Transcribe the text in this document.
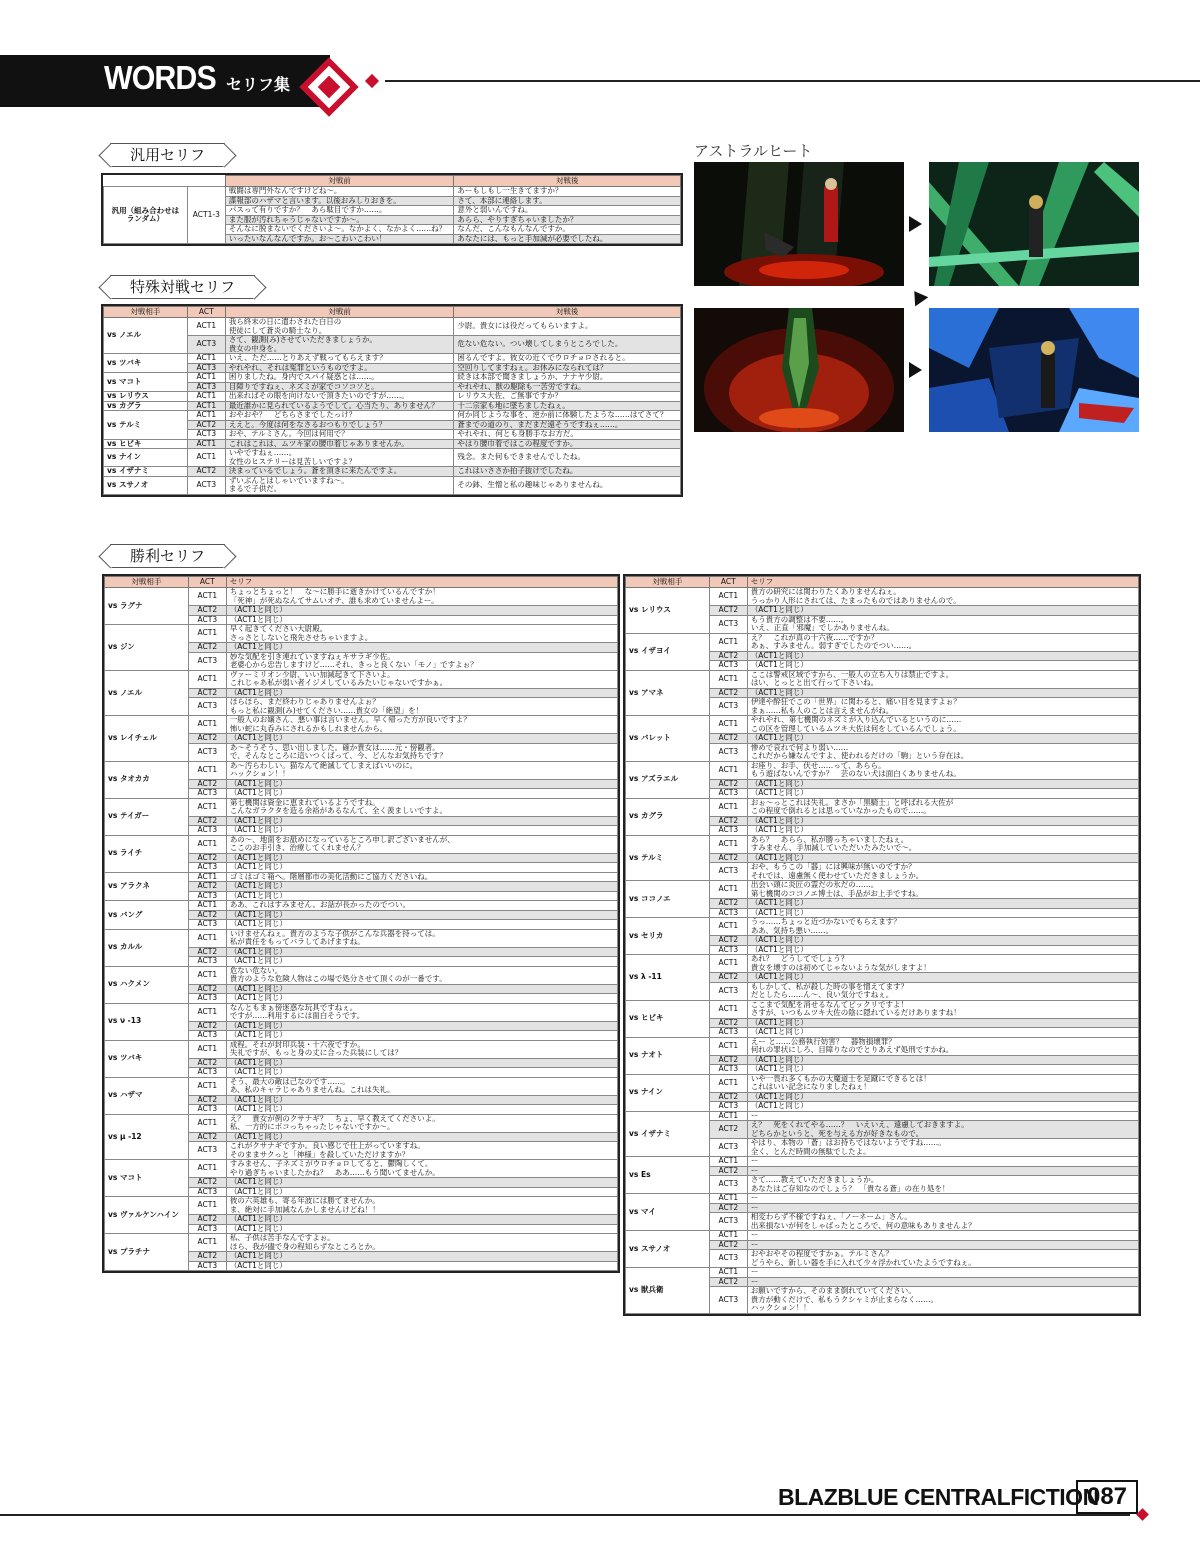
WORDS セリフ集
汎用セリフ
		対戦前	対戦後
汎用（組み合わせは
ランダム）	ACT1-3	戦闘は専門外なんですけどね〜。	あーもしもし一生きてますか？
		諜報部のハザマと言います。以後おみしりおきを。	さて、本部に連絡します。
		パスって有りですか？　あら駄目ですか……。	意外と弱いんですね。
		また服が汚れちゃうじゃないですか〜。	あらら、やりすぎちゃいましたか？
		そんなに脱まないでくださいよ〜。なかよく、なかよく……ね？	なんだ、こんなもんなんですか。
		いったいなんなんですか。お〜こわいこわい！	あなたには、もっと手加減が必要でしたね。
特殊対戦セリフ
対戦相手	ACT	対戦前	対戦後
vs ノエル	ACT1	我ら終末の日に遣わされた白日の
使徒にして蒼炎の騎士なり。	少尉。貴女には役だってもらいますよ。
	ACT3	さて、観測(み)させていただきましょうか。
貴女の中身を。	危ない危ない。つい壊してしまうところでした。
vs ツバキ	ACT1	いえ、ただ……とりあえず戦ってもらえます？	困るんですよ。彼女の近くでウロチョロされると。
	ACT3	やれやれ、それは冤罪というものですよ。	空回りしてますねぇ。お休みになられては？
vs マコト	ACT1	困りましたね。身内でスパイ疑惑とは……。	続きは本部で聞きましょうか、ナナヤ少尉。
	ACT3	目障りですねぇ、ネズミが家でコソコソと。	やれやれ、獣の駆除も一苦労ですね。
vs レリウス	ACT1	出来ればその眼を向けないで頂きたいのですが……。	レリウス大佐、ご無事ですか？
vs カグラ	ACT1	最近誰かに見られているようでして。心当たり、ありません？	十二宗家も地に墜ちましたねぇ。
vs テルミ	ACT1	おやおや？　どちらさまでしたっけ？	何か同じような事を、逆か前に体験したような……はてさて？
	ACT2	ええと。今度は何をなさるおつもりでしょう？	蒼までの道のり、まだまだ遠そうですねぇ……。
	ACT3	おや、テルミさん。今回は何用で？	やれやれ、何とも身勝手なお方だ。
vs ヒビキ	ACT1	これはこれは、ムツキ家の腰巾着じゃありませんか。	やはり腰巾着ではこの程度ですか。
vs ナイン	ACT1	いやですねぇ……。
女性のヒステリーは見苦しいですよ？	残念。また何もできませんでしたね。
vs イザナミ	ACT2	決まっているでしょう。蒼を頂きに来たんですよ。	これはいささか拍子抜けでしたね。
vs スサノオ	ACT3	ずいぶんとはしゃいでいますね〜。
まるで子供だ。	その鉢、生憎と私の趣味じゃありませんね。
アストラルヒート
勝利セリフ
対戦相手	ACT	セリフ
vs ラグナ	ACT1	ちょっとちょっと！　な〜に勝手に逝きかけているんですか！
「死神」が死ぬなんてサムいオチ、誰も求めていませんよー。
	ACT2	（ACT1と同じ）
	ACT3	（ACT1と同じ）
vs ジン	ACT1	早く起きてください大尉殿。
さっさとしないと飛先させちゃいますよ。
	ACT2	（ACT1と同じ）
	ACT3	妙な気配を引き連れていますねぇキサラギ少佐。
老婆心から忠告しますけど……それ、きっと良くない「モノ」ですよぉ？
vs ノエル	ACT1	ヴァーミリオン少尉、いい加減起きて下さいよ。
これじゃあ私が弱い者イジメしているみたいじゃないですかぁ。
	ACT2	（ACT1と同じ）
	ACT3	ほらほら、まだ終わりじゃありませんよぉ？
もっと私に観測(み)せてください……貴女の「絶望」を！
vs レイチェル	ACT1	一般人のお嬢さん、悪い事は言いません。早く帰った方が良いですよ？
怖い蛇に丸呑みにされるかもしれませんから。
	ACT2	（ACT1と同じ）
	ACT3	あ〜そうそう、思い出しました。確か貴女は……元・傍観者。
で、そんなところに這いつくばって、今、どんなお気持ちです？
vs タオカカ	ACT1	あ〜汚らわしい。猫なんて絶滅してしまえばいいのに。
ハックション！！
	ACT2	（ACT1と同じ）
	ACT3	（ACT1と同じ）
vs テイガー	ACT1	第七機関は資金に恵まれているようですね。
こんなガラクタを造る余裕があるなんて、全く羨ましいですよ。
	ACT2	（ACT1と同じ）
	ACT3	（ACT1と同じ）
vs ライチ	ACT1	あの〜、地面をお舐めになっているところ申し訳ございませんが、
ここのお手引き、治療してくれません？
	ACT2	（ACT1と同じ）
	ACT3	（ACT1と同じ）
vs アラクネ	ACT1	ゴミはゴミ箱へ。階層都市の美化活動にご協力くださいね。
	ACT2	（ACT1と同じ）
	ACT3	（ACT1と同じ）
vs バング	ACT1	ああ、これはすみません。お話が長かったのでつい。
	ACT2	（ACT1と同じ）
	ACT3	（ACT1と同じ）
vs カルル	ACT1	いけませんねぇ。貴方のような子供がこんな兵器を持っては。
私が責任をもってバラしてあげますね。
	ACT2	（ACT1と同じ）
	ACT3	（ACT1と同じ）
vs ハクメン	ACT1	危ない危ない。
貴方のような危険人物はこの場で処分させて頂くのが一番です。
	ACT2	（ACT1と同じ）
	ACT3	（ACT1と同じ）
vs ν -13	ACT1	なんともまぁ傍迷惑な玩具ですねぇ。
ですが……利用するには面白そうです。
	ACT2	（ACT1と同じ）
	ACT3	（ACT1と同じ）
vs ツバキ	ACT1	成程。それが封印兵装・十六夜ですか。
失礼ですが、もっと身の丈に合った兵装にしては？
	ACT2	（ACT1と同じ）
	ACT3	（ACT1と同じ）
vs ハザマ	ACT1	そう、最大の敵は己なのです……。
あ、私のキャラじゃありませんね。これは失礼。
	ACT2	（ACT1と同じ）
	ACT3	（ACT1と同じ）
vs μ -12	ACT1	え？　貴女が例のクサナギ？　ちょ、早く教えてくださいよ。
私、一方的にボコっちゃったじゃないですか〜。
	ACT2	（ACT1と同じ）
	ACT3	これがクサナギですか。良い感じで仕上がっていますね。
そのままサクっと「神様」を殺していただけますか？
vs マコト	ACT1	すみません、子ネズミがウロチョロしてると、鬱陶しくて。
やり過ぎちゃいましたかね？　ああ……もう聞いてませんか。
	ACT2	（ACT1と同じ）
	ACT3	（ACT1と同じ）
vs ヴァルケンハイン	ACT1	彼の六英雄も、寄る年波には勝てませんか。
ま、絶対に手加減なんかしませんけどね！！
	ACT2	（ACT1と同じ）
	ACT3	（ACT1と同じ）
vs プラチナ	ACT1	私、子供は苦手なんですよぉ。
ほら、我が儘で身の程知らずなところとか。
	ACT2	（ACT1と同じ）
	ACT3	（ACT1と同じ）
対戦相手	ACT	セリフ
vs レリウス	ACT1	貴方の研究には関わりたくありませんねぇ。
うっかり人形にされては、たまったものではありませんので。
	ACT2	（ACT1と同じ）
	ACT3	もう貴方の調整は不要……。
いえ、正直「邪魔」でしかありませんね。
vs イザヨイ	ACT1	え？　これが真の十六夜……ですか？
あぁ、すみません。弱すぎでしたのでつい……。
	ACT2	（ACT1と同じ）
	ACT3	（ACT1と同じ）
vs アマネ	ACT1	ここは警戒区域ですから、一般人の立ち入りは禁止ですよ。
はい、とっとと出て行って下さいね。
	ACT2	（ACT1と同じ）
	ACT3	伊達や酔狂でこの「世界」に関わると、痛い目を見ますよぉ？
まぁ……私も人のことは言えませんがね。
vs バレット	ACT1	やれやれ、第七機関のネズミが入り込んでいるというのに……
この区を管理しているムツキ大佐は何をしているんでしょう。
	ACT2	（ACT1と同じ）
	ACT3	惨めで哀れで何より弱い……
これだから嫌なんですよ、使われるだけの「駒」という存在は。
vs アズラエル	ACT1	お座り、お手、伏せ……って、あらら。
もう遊ばないんですか？　芸のない犬は面白くありませんね。
	ACT2	（ACT1と同じ）
	ACT3	（ACT1と同じ）
vs カグラ	ACT1	おぉ〜っとこれは失礼。まさか「黒騎士」と呼ばれる大佐が
この程度で倒れるとは思っていなかったもので……。
	ACT2	（ACT1と同じ）
	ACT3	（ACT1と同じ）
vs テルミ	ACT1	あら？　あらら、私が勝っちゃいましたねぇ。
すみません、手加減していただいたみたいで〜。
	ACT2	（ACT1と同じ）
	ACT3	おや、もうこの「器」には興味が無いのですか？
それでは、遠慮無く使わせていただきましょうか。
vs ココノエ	ACT1	出会い頭に炎匠の霊だの氷だの……。
第七機関のココノエ博士は、手品がお上手ですね。
	ACT2	（ACT1と同じ）
	ACT3	（ACT1と同じ）
vs セリカ	ACT1	うっ……ちょっと近づかないでもらえます？
ああ、気持ち悪い……。
	ACT2	（ACT1と同じ）
	ACT3	（ACT1と同じ）
vs λ -11	ACT1	あれ？　どうしてでしょう？
貴女を壊すのは初めてじゃないような気がしますよ！
	ACT2	（ACT1と同じ）
	ACT3	もしかして、私が殺した時の事を憎えてます？
だとしたら……ん〜、良い気分ですねぇ。
vs ヒビキ	ACT1	ここまで気配を消せるなんてビックリですよ！
さすが、いつもムツキ大佐の陰に隠れているだけありますね！
	ACT2	（ACT1と同じ）
	ACT3	（ACT1と同じ）
vs ナオト	ACT1	えー と……公務執行妨害？　器物損壊罪？
何れの罪状にしろ、目障りなのでとりあえず処刑ですかね。
	ACT2	（ACT1と同じ）
	ACT3	（ACT1と同じ）
vs ナイン	ACT1	いや一畏れ多くもかの大魔道士を足蹴にできるとは！
これはいい記念になりましたねぇ！
	ACT2	（ACT1と同じ）
	ACT3	（ACT1と同じ）
vs イザナミ	ACT1	ー
	ACT2	え？　死をくれてやる……？　いえいえ、遠慮しておきますよ。
どちらかというと、死を与える方が好きなもので。
	ACT3	やはり、本物の「蒼」はお持ちではないようですね……。
全く、とんだ時間の無駄でしたよ。
vs Es	ACT1	ー
	ACT2	ー
	ACT3	さて……教えていただきましょうか。
あなたはご存知なのでしょう？　「貴なる蒼」の在り処を！
vs マイ	ACT1	ー
	ACT2	ー
	ACT3	相変わらず不様ですねぇ、「ノーネーム」さん。
出来損ないが何をしゃばったところで、何の意味もありませんよ？
vs スサノオ	ACT1	ー
	ACT2	ー
	ACT3	おやおやその程度ですかぁ。テルミさん？
どうやら、新しい器を手に入れて少々浮かれていたようですねぇ。
vs 獣兵衛	ACT1	ー
	ACT2	ー
	ACT3	お願いですから、そのまま倒れていてください。
貴方が動くだけで、私もうクシャミが止まらなく……。
ハックション！！
BLAZBLUE CENTRALFICTION
087
